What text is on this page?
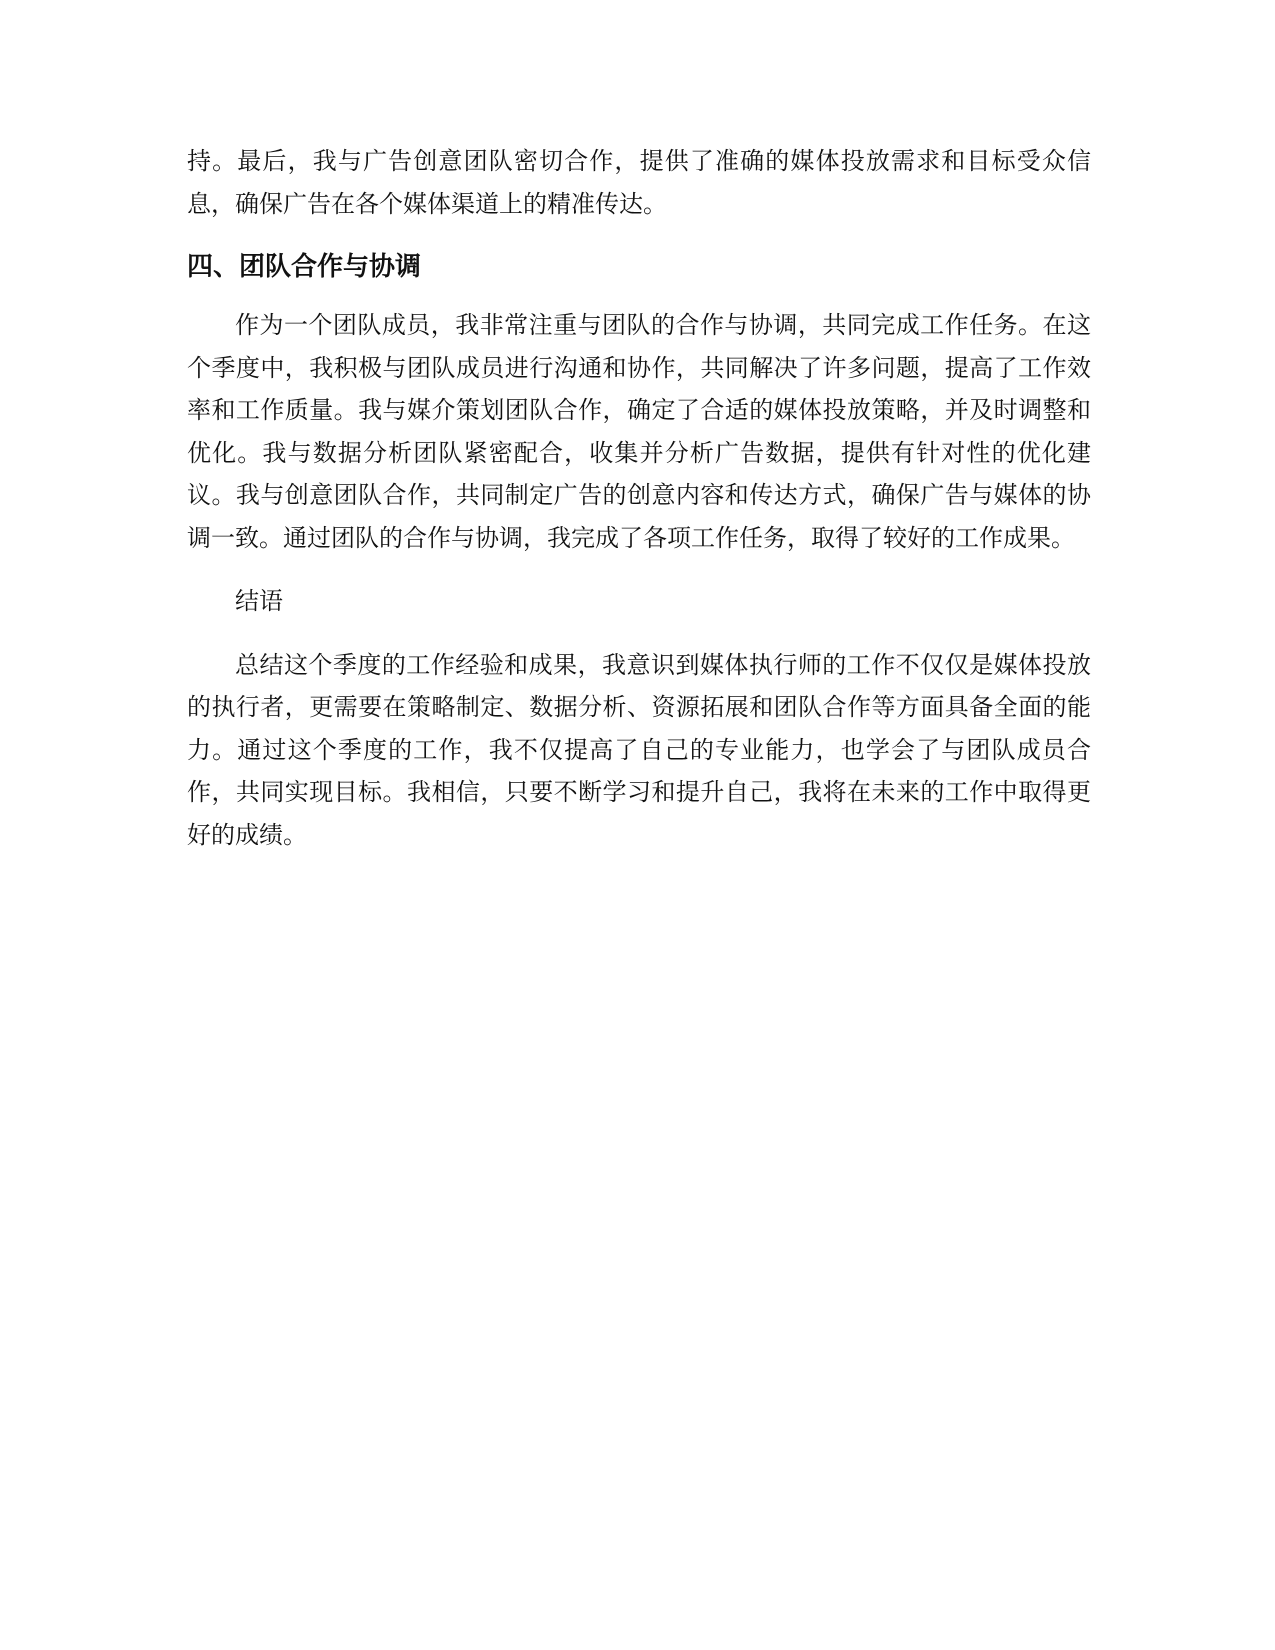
持。最后，我与广告创意团队密切合作，提供了准确的媒体投放需求和目标受众信息，确保广告在各个媒体渠道上的精准传达。

四、团队合作与协调

作为一个团队成员，我非常注重与团队的合作与协调，共同完成工作任务。在这个季度中，我积极与团队成员进行沟通和协作，共同解决了许多问题，提高了工作效率和工作质量。我与媒介策划团队合作，确定了合适的媒体投放策略，并及时调整和优化。我与数据分析团队紧密配合，收集并分析广告数据，提供有针对性的优化建议。我与创意团队合作，共同制定广告的创意内容和传达方式，确保广告与媒体的协调一致。通过团队的合作与协调，我完成了各项工作任务，取得了较好的工作成果。

结语

总结这个季度的工作经验和成果，我意识到媒体执行师的工作不仅仅是媒体投放的执行者，更需要在策略制定、数据分析、资源拓展和团队合作等方面具备全面的能力。通过这个季度的工作，我不仅提高了自己的专业能力，也学会了与团队成员合作，共同实现目标。我相信，只要不断学习和提升自己，我将在未来的工作中取得更好的成绩。
